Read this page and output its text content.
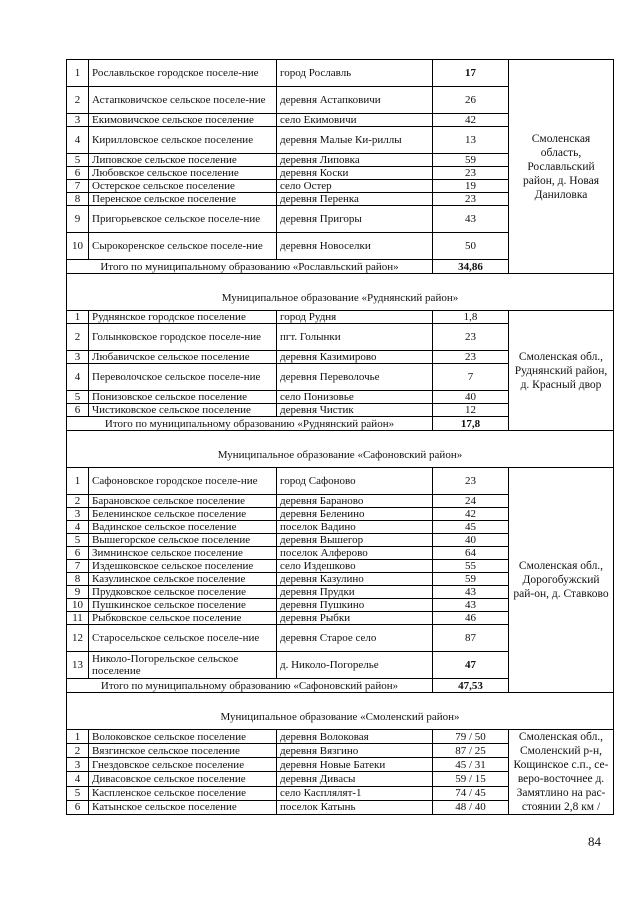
1	Рославльское городское поселе-ние	город Рославль	17	Смоленская область, Рославльский район, д. Новая Даниловка
2	Астапковичское сельское поселе-ние	деревня Астапковичи	26	
3	Екимовичское сельское поселение	село Екимовичи	42	
4	Кирилловское сельское поселение	деревня Малые Ки-риллы	13	
5	Липовское сельское поселение	деревня Липовка	59	
6	Любовское сельское поселение	деревня Коски	23	
7	Остерское сельское поселение	село Остер	19	
8	Перенское сельское поселение	деревня Перенка	23	
9	Пригорьевское сельское поселе-ние	деревня Пригоры	43	
10	Сырокоренское сельское поселе-ние	деревня Новоселки	50	
Итого по муниципальному образованию «Рославльский район»			34,86	

Муниципальное образование «Руднянский район»				
1	Руднянское городское поселение	город Рудня	1,8	Смоленская обл., Руднянский район, д. Красный двор
2	Голынковское городское поселе-ние	пгт. Голынки	23	
3	Любавичское сельское поселение	деревня Казимирово	23	
4	Переволочское сельское поселе-ние	деревня Переволочье	7	
5	Понизовское сельское поселение	село Понизовье	40	
6	Чистиковское сельское поселение	деревня Чистик	12	
Итого по муниципальному образованию «Руднянский район»			17,8	

Муниципальное образование «Сафоновский район»				
1	Сафоновское городское поселе-ние	город Сафоново	23	Смоленская обл., Дорогобужский рай-он, д. Ставково
2	Барановское сельское поселение	деревня Бараново	24	
3	Беленинское сельское поселение	деревня Беленино	42	
4	Вадинское сельское поселение	поселок Вадино	45	
5	Вышегорское сельское поселение	деревня Вышегор	40	
6	Зимнинское сельское поселение	поселок Алферово	64	
7	Издешковское сельское поселение	село Издешково	55	
8	Казулинское сельское поселение	деревня Казулино	59	
9	Прудковское сельское поселение	деревня Прудки	43	
10	Пушкинское сельское поселение	деревня Пушкино	43	
11	Рыбковское сельское поселение	деревня Рыбки	46	
12	Старосельское сельское поселе-ние	деревня Старое село	87	
13	Николо-Погорельское сельское поселение	д. Николо-Погорелье	47	
Итого по муниципальному образованию «Сафоновский район»			47,53	

Муниципальное образование «Смоленский район»				
1	Волоковское сельское поселение	деревня Волоковая	79 / 50	Смоленская обл., Смоленский р-н, Кощинское с.п., се-веро-восточнее д. Замятлино на рас-стоянии 2,8 км /
2	Вязгинское сельское поселение	деревня Вязгино	87 / 25	
3	Гнездовское сельское поселение	деревня Новые Батеки	45 / 31	
4	Дивасовское сельское поселение	деревня Дивасы	59 / 15	
5	Каспленское сельское поселение	село Касплялят-1	74 / 45	
6	Катынское сельское поселение	поселок Катынь	48 / 40	
84
